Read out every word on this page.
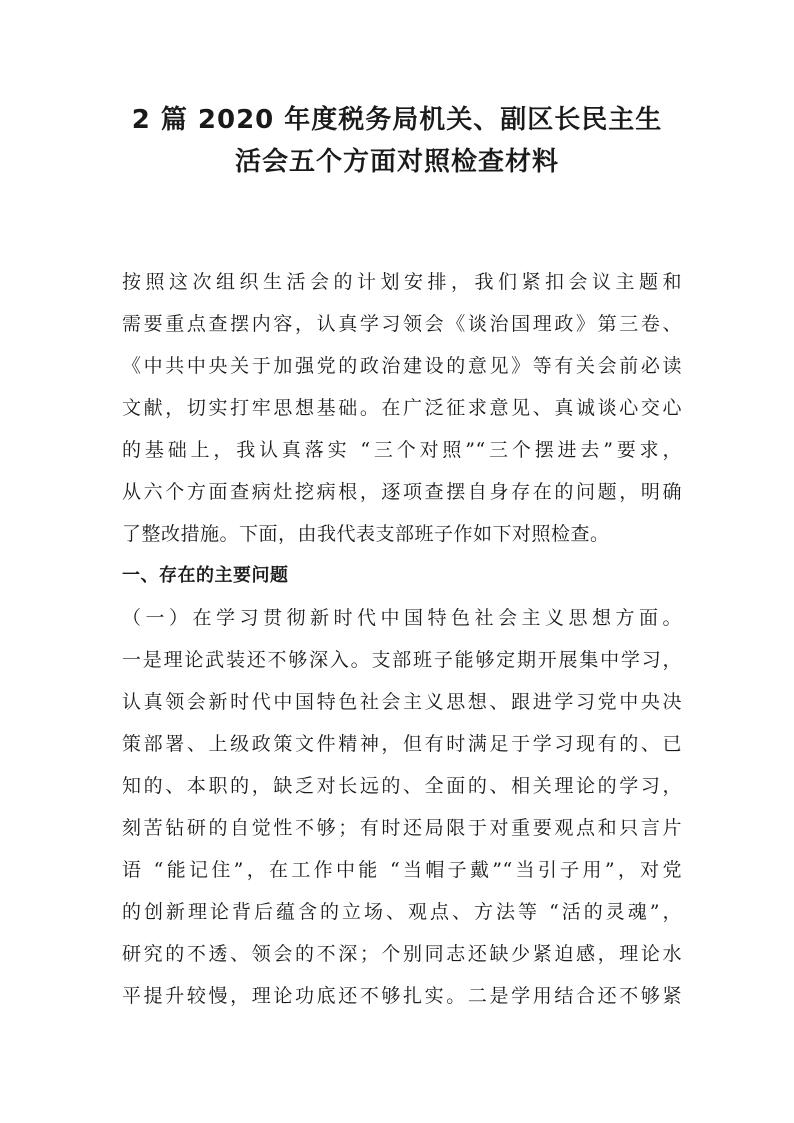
2 篇 2020 年度税务局机关、副区长民主生
活会五个方面对照检查材料
按照这次组织生活会的计划安排，我们紧扣会议主题和
需要重点查摆内容，认真学习领会《谈治国理政》第三卷、
《中共中央关于加强党的政治建设的意见》等有关会前必读
文献，切实打牢思想基础。在广泛征求意见、真诚谈心交心
的基础上，我认真落实 “三个对照”“三个摆进去”要求，
从六个方面查病灶挖病根，逐项查摆自身存在的问题，明确
了整改措施。下面，由我代表支部班子作如下对照检查。
一、存在的主要问题
（一）在学习贯彻新时代中国特色社会主义思想方面。
一是理论武装还不够深入。支部班子能够定期开展集中学习，
认真领会新时代中国特色社会主义思想、跟进学习党中央决
策部署、上级政策文件精神，但有时满足于学习现有的、已
知的、本职的，缺乏对长远的、全面的、相关理论的学习，
刻苦钻研的自觉性不够；有时还局限于对重要观点和只言片
语 “能记住”，在工作中能 “当帽子戴”“当引子用”，对党
的创新理论背后蕴含的立场、观点、方法等 “活的灵魂”，
研究的不透、领会的不深；个别同志还缺少紧迫感，理论水
平提升较慢，理论功底还不够扎实。二是学用结合还不够紧
